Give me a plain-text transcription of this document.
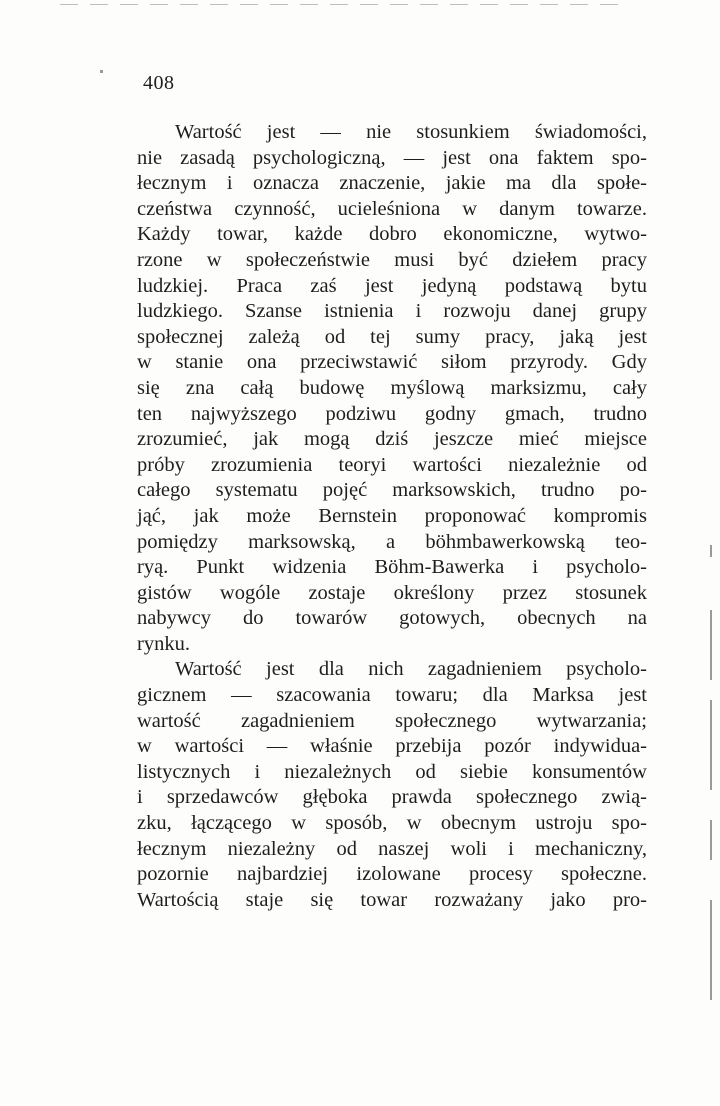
408
Wartość jest — nie stosunkiem świadomości,
nie zasadą psychologiczną, — jest ona faktem spo-
łecznym i oznacza znaczenie, jakie ma dla społe-
czeństwa czynność, ucieleśniona w danym towarze.
Każdy towar, każde dobro ekonomiczne, wytwo-
rzone w społeczeństwie musi być dziełem pracy
ludzkiej. Praca zaś jest jedyną podstawą bytu
ludzkiego. Szanse istnienia i rozwoju danej grupy
społecznej zależą od tej sumy pracy, jaką jest
w stanie ona przeciwstawić siłom przyrody. Gdy
się zna całą budowę myślową marksizmu, cały
ten najwyższego podziwu godny gmach, trudno
zrozumieć, jak mogą dziś jeszcze mieć miejsce
próby zrozumienia teoryi wartości niezależnie od
całego systematu pojęć marksowskich, trudno po-
jąć, jak może Bernstein proponować kompromis
pomiędzy marksowską, a böhmbawerkowską teo-
ryą. Punkt widzenia Böhm-Bawerka i psycholo-
gistów wogóle zostaje określony przez stosunek
nabywcy do towarów gotowych, obecnych na
rynku.
Wartość jest dla nich zagadnieniem psycholo-
gicznem — szacowania towaru; dla Marksa jest
wartość zagadnieniem społecznego wytwarzania;
w wartości — właśnie przebija pozór indywidua-
listycznych i niezależnych od siebie konsumentów
i sprzedawców głęboka prawda społecznego zwią-
zku, łączącego w sposób, w obecnym ustroju spo-
łecznym niezależny od naszej woli i mechaniczny,
pozornie najbardziej izolowane procesy społeczne.
Wartością staje się towar rozważany jako pro-
